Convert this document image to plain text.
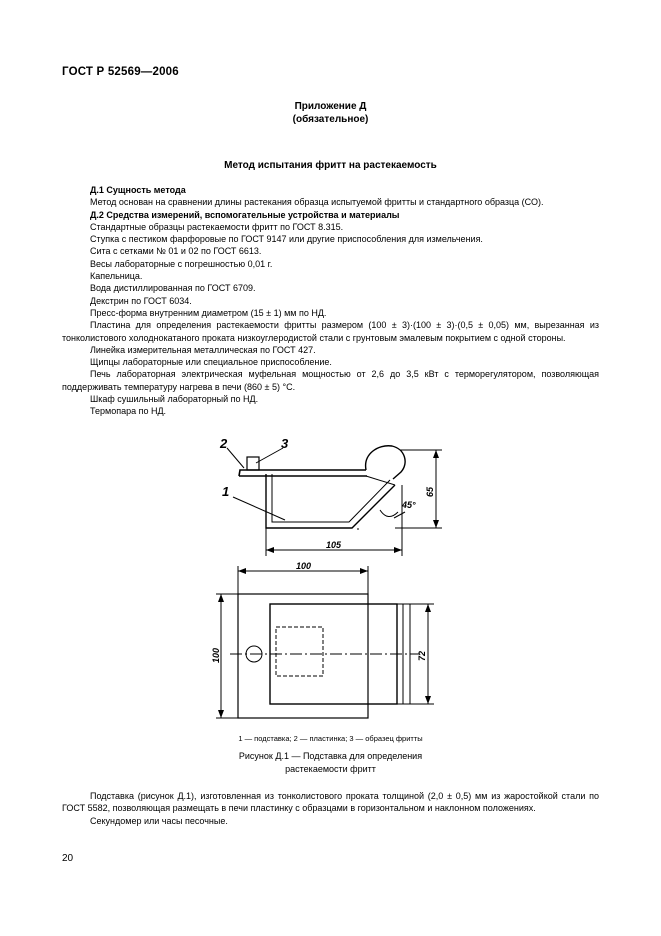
ГОСТ Р 52569—2006
Приложение Д
(обязательное)
Метод испытания фритт на растекаемость

Д.1 Сущность метода

Метод основан на сравнении длины растекания образца испытуемой фритты и стандартного образца (СО).

Д.2 Средства измерений, вспомогательные устройства и материалы

Стандартные образцы растекаемости фритт по ГОСТ 8.315.

Ступка с пестиком фарфоровые по ГОСТ 9147 или другие приспособления для измельчения.

Сита с сетками № 01 и 02 по ГОСТ 6613.

Весы лабораторные с погрешностью 0,01 г.

Капельница.

Вода дистиллированная по ГОСТ 6709.

Декстрин по ГОСТ 6034.

Пресс-форма внутренним диаметром (15 ± 1) мм по НД.

Пластина для определения растекаемости фритты размером (100 ± 3)·(100 ± 3)·(0,5 ± 0,05) мм, вырезанная из тонколистового холоднокатаного проката низкоуглеродистой стали с грунтовым эмалевым покрытием с одной стороны.

Линейка измерительная металлическая по ГОСТ 427.

Щипцы лабораторные или специальное приспособление.

Печь лабораторная электрическая муфельная мощностью от 2,6 до 3,5 кВт с терморегулятором, позволяющая поддерживать температуру нагрева в печи (860 ± 5) °С.

Шкаф сушильный лабораторный по НД.

Термопара по НД.

1
2	3
105
100
45°
65
100	72
1 — подставка; 2 — пластинка; 3 — образец фритты
Рисунок Д.1 — Подставка для определения
растекаемости фритт

Подставка (рисунок Д.1), изготовленная из тонколистового проката толщиной (2,0 ± 0,5) мм из жаростойкой стали по ГОСТ 5582, позволяющая размещать в печи пластинку с образцами в горизонтальном и наклонном положениях.

Секундомер или часы песочные.

20
